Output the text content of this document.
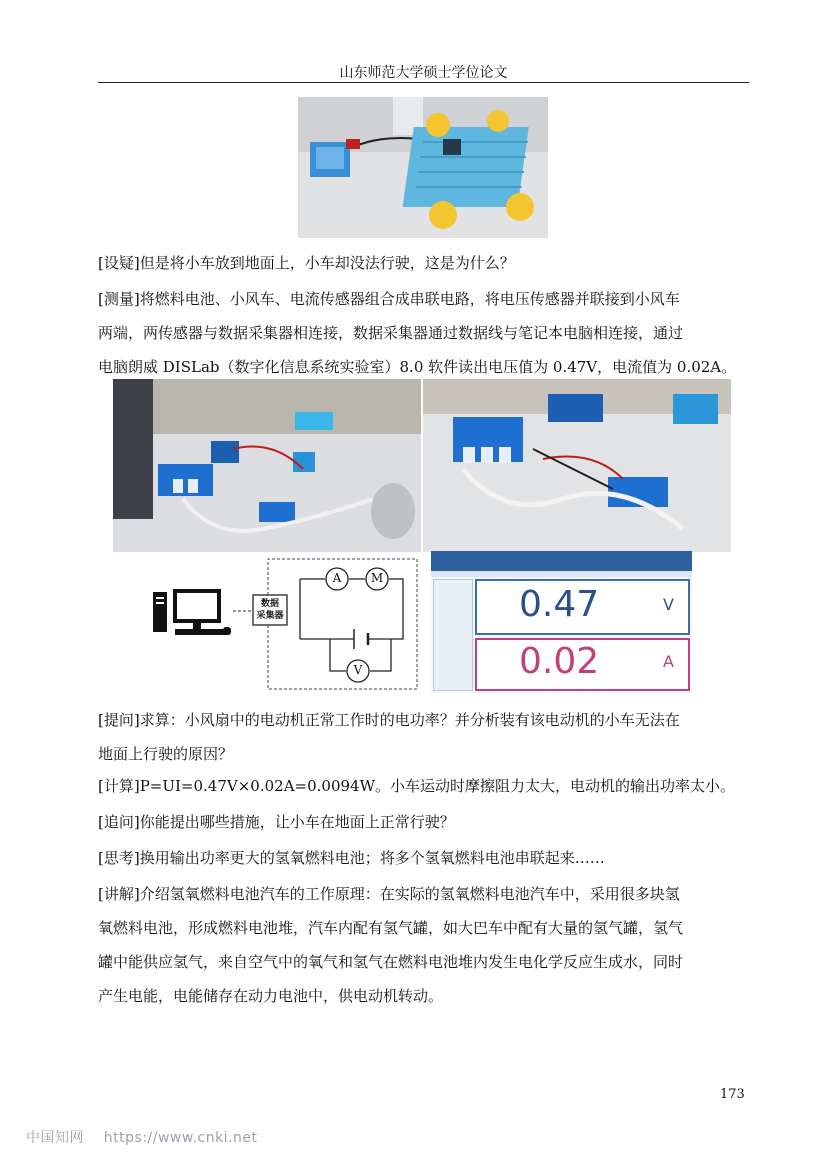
山东师范大学硕士学位论文
[设疑]但是将小车放到地面上，小车却没法行驶，这是为什么？
[测量]将燃料电池、小风车、电流传感器组合成串联电路，将电压传感器并联接到小风车
两端，两传感器与数据采集器相连接，数据采集器通过数据线与笔记本电脑相连接，通过
电脑朗威 DISLab（数字化信息系统实验室）8.0 软件读出电压值为 0.47V，电流值为 0.02A。
数据
采集器
A M
V
0.47	V
0.02	A
[提问]求算：小风扇中的电动机正常工作时的电功率？并分析装有该电动机的小车无法在
地面上行驶的原因？
[计算]P=UI=0.47V×0.02A=0.0094W。小车运动时摩擦阻力太大，电动机的输出功率太小。
[追问]你能提出哪些措施，让小车在地面上正常行驶？
[思考]换用输出功率更大的氢氧燃料电池；将多个氢氧燃料电池串联起来……
[讲解]介绍氢氧燃料电池汽车的工作原理：在实际的氢氧燃料电池汽车中，采用很多块氢
氧燃料电池，形成燃料电池堆，汽车内配有氢气罐，如大巴车中配有大量的氢气罐，氢气
罐中能供应氢气，来自空气中的氧气和氢气在燃料电池堆内发生电化学反应生成水，同时
产生电能，电能储存在动力电池中，供电动机转动。
173
中国知网    https://www.cnki.net
